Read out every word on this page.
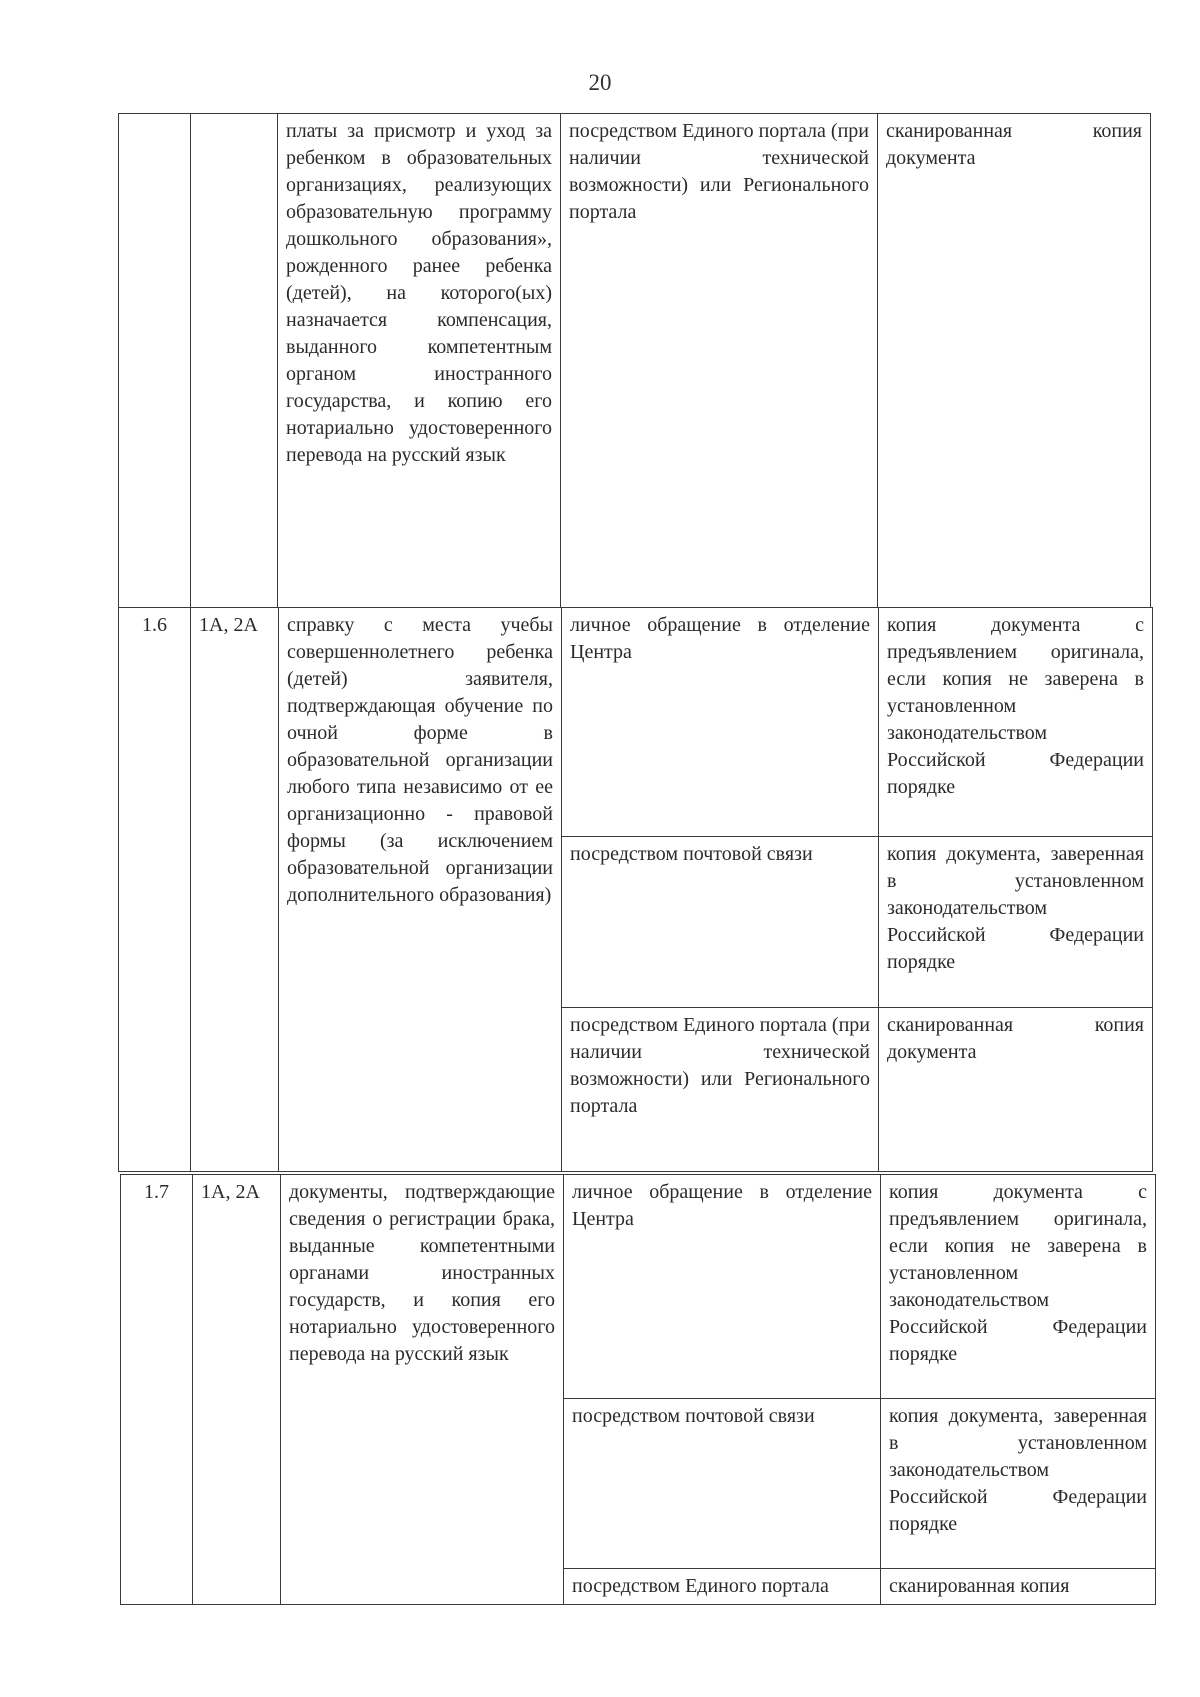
20
		платы за присмотр и уход за ребенком в образовательных организациях, реализующих образовательную программу дошкольного образования», рожденного ранее ребенка (детей), на которого(ых) назначается компенсация, выданного компетентным органом иностранного государства, и копию его нотариально удостоверенного перевода на русский язык	посредством Единого портала (при наличии технической возможности) или Регионального портала	сканированная копия документа
1.6	1А, 2А	справку с места учебы совершеннолетнего ребенка (детей) заявителя, подтверждающая обучение по очной форме в образовательной организации любого типа независимо от ее организационно - правовой формы (за исключением образовательной организации дополнительного образования)	личное обращение в отделение Центра	копия документа с предъявлением оригинала, если копия не заверена в установленном законодательством Российской Федерации порядке
			посредством почтовой связи	копия документа, заверенная в установленном законодательством Российской Федерации порядке
			посредством Единого портала (при наличии технической возможности) или Регионального портала	сканированная копия документа
1.7	1А, 2А	документы, подтверждающие сведения о регистрации брака, выданные компетентными органами иностранных государств, и копия его нотариально удостоверенного перевода на русский язык	личное обращение в отделение Центра	копия документа с предъявлением оригинала, если копия не заверена в установленном законодательством Российской Федерации порядке
			посредством почтовой связи	копия документа, заверенная в установленном законодательством Российской Федерации порядке
			посредством Единого портала	сканированная копия
